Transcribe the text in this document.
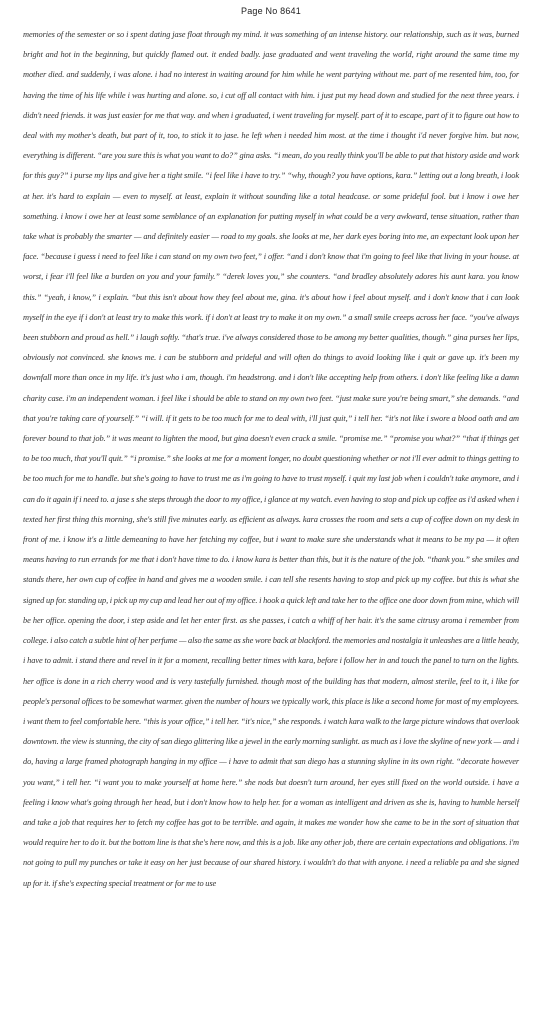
Page No 8641

memories of the semester or so i spent dating jase float through my mind. it was something of an intense history. our relationship, such as it was, burned bright and hot in the beginning, but quickly flamed out. it ended badly. jase graduated and went traveling the world, right around the same time my mother died. and suddenly, i was alone. i had no interest in waiting around for him while he went partying without me. part of me resented him, too, for having the time of his life while i was hurting and alone. so, i cut off all contact with him. i just put my head down and studied for the next three years. i didn't need friends. it was just easier for me that way. and when i graduated, i went traveling for myself. part of it to escape, part of it to figure out how to deal with my mother's death, but part of it, too, to stick it to jase. he left when i needed him most. at the time i thought i'd never forgive him. but now, everything is different. “are you sure this is what you want to do?” gina asks. “i mean, do you really think you'll be able to put that history aside and work for this guy?” i purse my lips and give her a tight smile. “i feel like i have to try.” “why, though? you have options, kara.” letting out a long breath, i look at her. it's hard to explain — even to myself. at least, explain it without sounding like a total headcase. or some prideful fool. but i know i owe her something. i know i owe her at least some semblance of an explanation for putting myself in what could be a very awkward, tense situation, rather than take what is probably the smarter — and definitely easier — road to my goals. she looks at me, her dark eyes boring into me, an expectant look upon her face. “because i guess i need to feel like i can stand on my own two feet,” i offer. “and i don't know that i'm going to feel like that living in your house. at worst, i fear i'll feel like a burden on you and your family.” “derek loves you,” she counters. “and bradley absolutely adores his aunt kara. you know this.” “yeah, i know,” i explain. “but this isn't about how they feel about me, gina. it's about how i feel about myself. and i don't know that i can look myself in the eye if i don't at least try to make this work. if i don't at least try to make it on my own.” a small smile creeps across her face. “you've always been stubborn and proud as hell.” i laugh softly. “that's true. i've always considered those to be among my better qualities, though.” gina purses her lips, obviously not convinced. she knows me. i can be stubborn and prideful and will often do things to avoid looking like i quit or gave up. it's been my downfall more than once in my life. it's just who i am, though. i'm headstrong. and i don't like accepting help from others. i don't like feeling like a damn charity case. i'm an independent woman. i feel like i should be able to stand on my own two feet. “just make sure you're being smart,” she demands. “and that you're taking care of yourself.” “i will. if it gets to be too much for me to deal with, i'll just quit,” i tell her. “it's not like i swore a blood oath and am forever bound to that job.” it was meant to lighten the mood, but gina doesn't even crack a smile. “promise me.” “promise you what?” “that if things get to be too much, that you'll quit.” “i promise.” she looks at me for a moment longer, no doubt questioning whether or not i'll ever admit to things getting to be too much for me to handle. but she's going to have to trust me as i'm going to have to trust myself. i quit my last job when i couldn't take anymore, and i can do it again if i need to. a jase s she steps through the door to my office, i glance at my watch. even having to stop and pick up coffee as i'd asked when i texted her first thing this morning, she's still five minutes early. as efficient as always. kara crosses the room and sets a cup of coffee down on my desk in front of me. i know it's a little demeaning to have her fetching my coffee, but i want to make sure she understands what it means to be my pa — it often means having to run errands for me that i don't have time to do. i know kara is better than this, but it is the nature of the job. “thank you.” she smiles and stands there, her own cup of coffee in hand and gives me a wooden smile. i can tell she resents having to stop and pick up my coffee. but this is what she signed up for. standing up, i pick up my cup and lead her out of my office. i hook a quick left and take her to the office one door down from mine, which will be her office. opening the door, i step aside and let her enter first. as she passes, i catch a whiff of her hair. it's the same citrusy aroma i remember from college. i also catch a subtle hint of her perfume — also the same as she wore back at blackford. the memories and nostalgia it unleashes are a little heady, i have to admit. i stand there and revel in it for a moment, recalling better times with kara, before i follow her in and touch the panel to turn on the lights. her office is done in a rich cherry wood and is very tastefully furnished. though most of the building has that modern, almost sterile, feel to it, i like for people's personal offices to be somewhat warmer. given the number of hours we typically work, this place is like a second home for most of my employees. i want them to feel comfortable here. “this is your office,” i tell her. “it's nice,” she responds. i watch kara walk to the large picture windows that overlook downtown. the view is stunning, the city of san diego glittering like a jewel in the early morning sunlight. as much as i love the skyline of new york — and i do, having a large framed photograph hanging in my office — i have to admit that san diego has a stunning skyline in its own right. “decorate however you want,” i tell her. “i want you to make yourself at home here.” she nods but doesn't turn around, her eyes still fixed on the world outside. i have a feeling i know what's going through her head, but i don't know how to help her. for a woman as intelligent and driven as she is, having to humble herself and take a job that requires her to fetch my coffee has got to be terrible. and again, it makes me wonder how she came to be in the sort of situation that would require her to do it. but the bottom line is that she's here now, and this is a job. like any other job, there are certain expectations and obligations. i'm not going to pull my punches or take it easy on her just because of our shared history. i wouldn't do that with anyone. i need a reliable pa and she signed up for it. if she's expecting special treatment or for me to use
